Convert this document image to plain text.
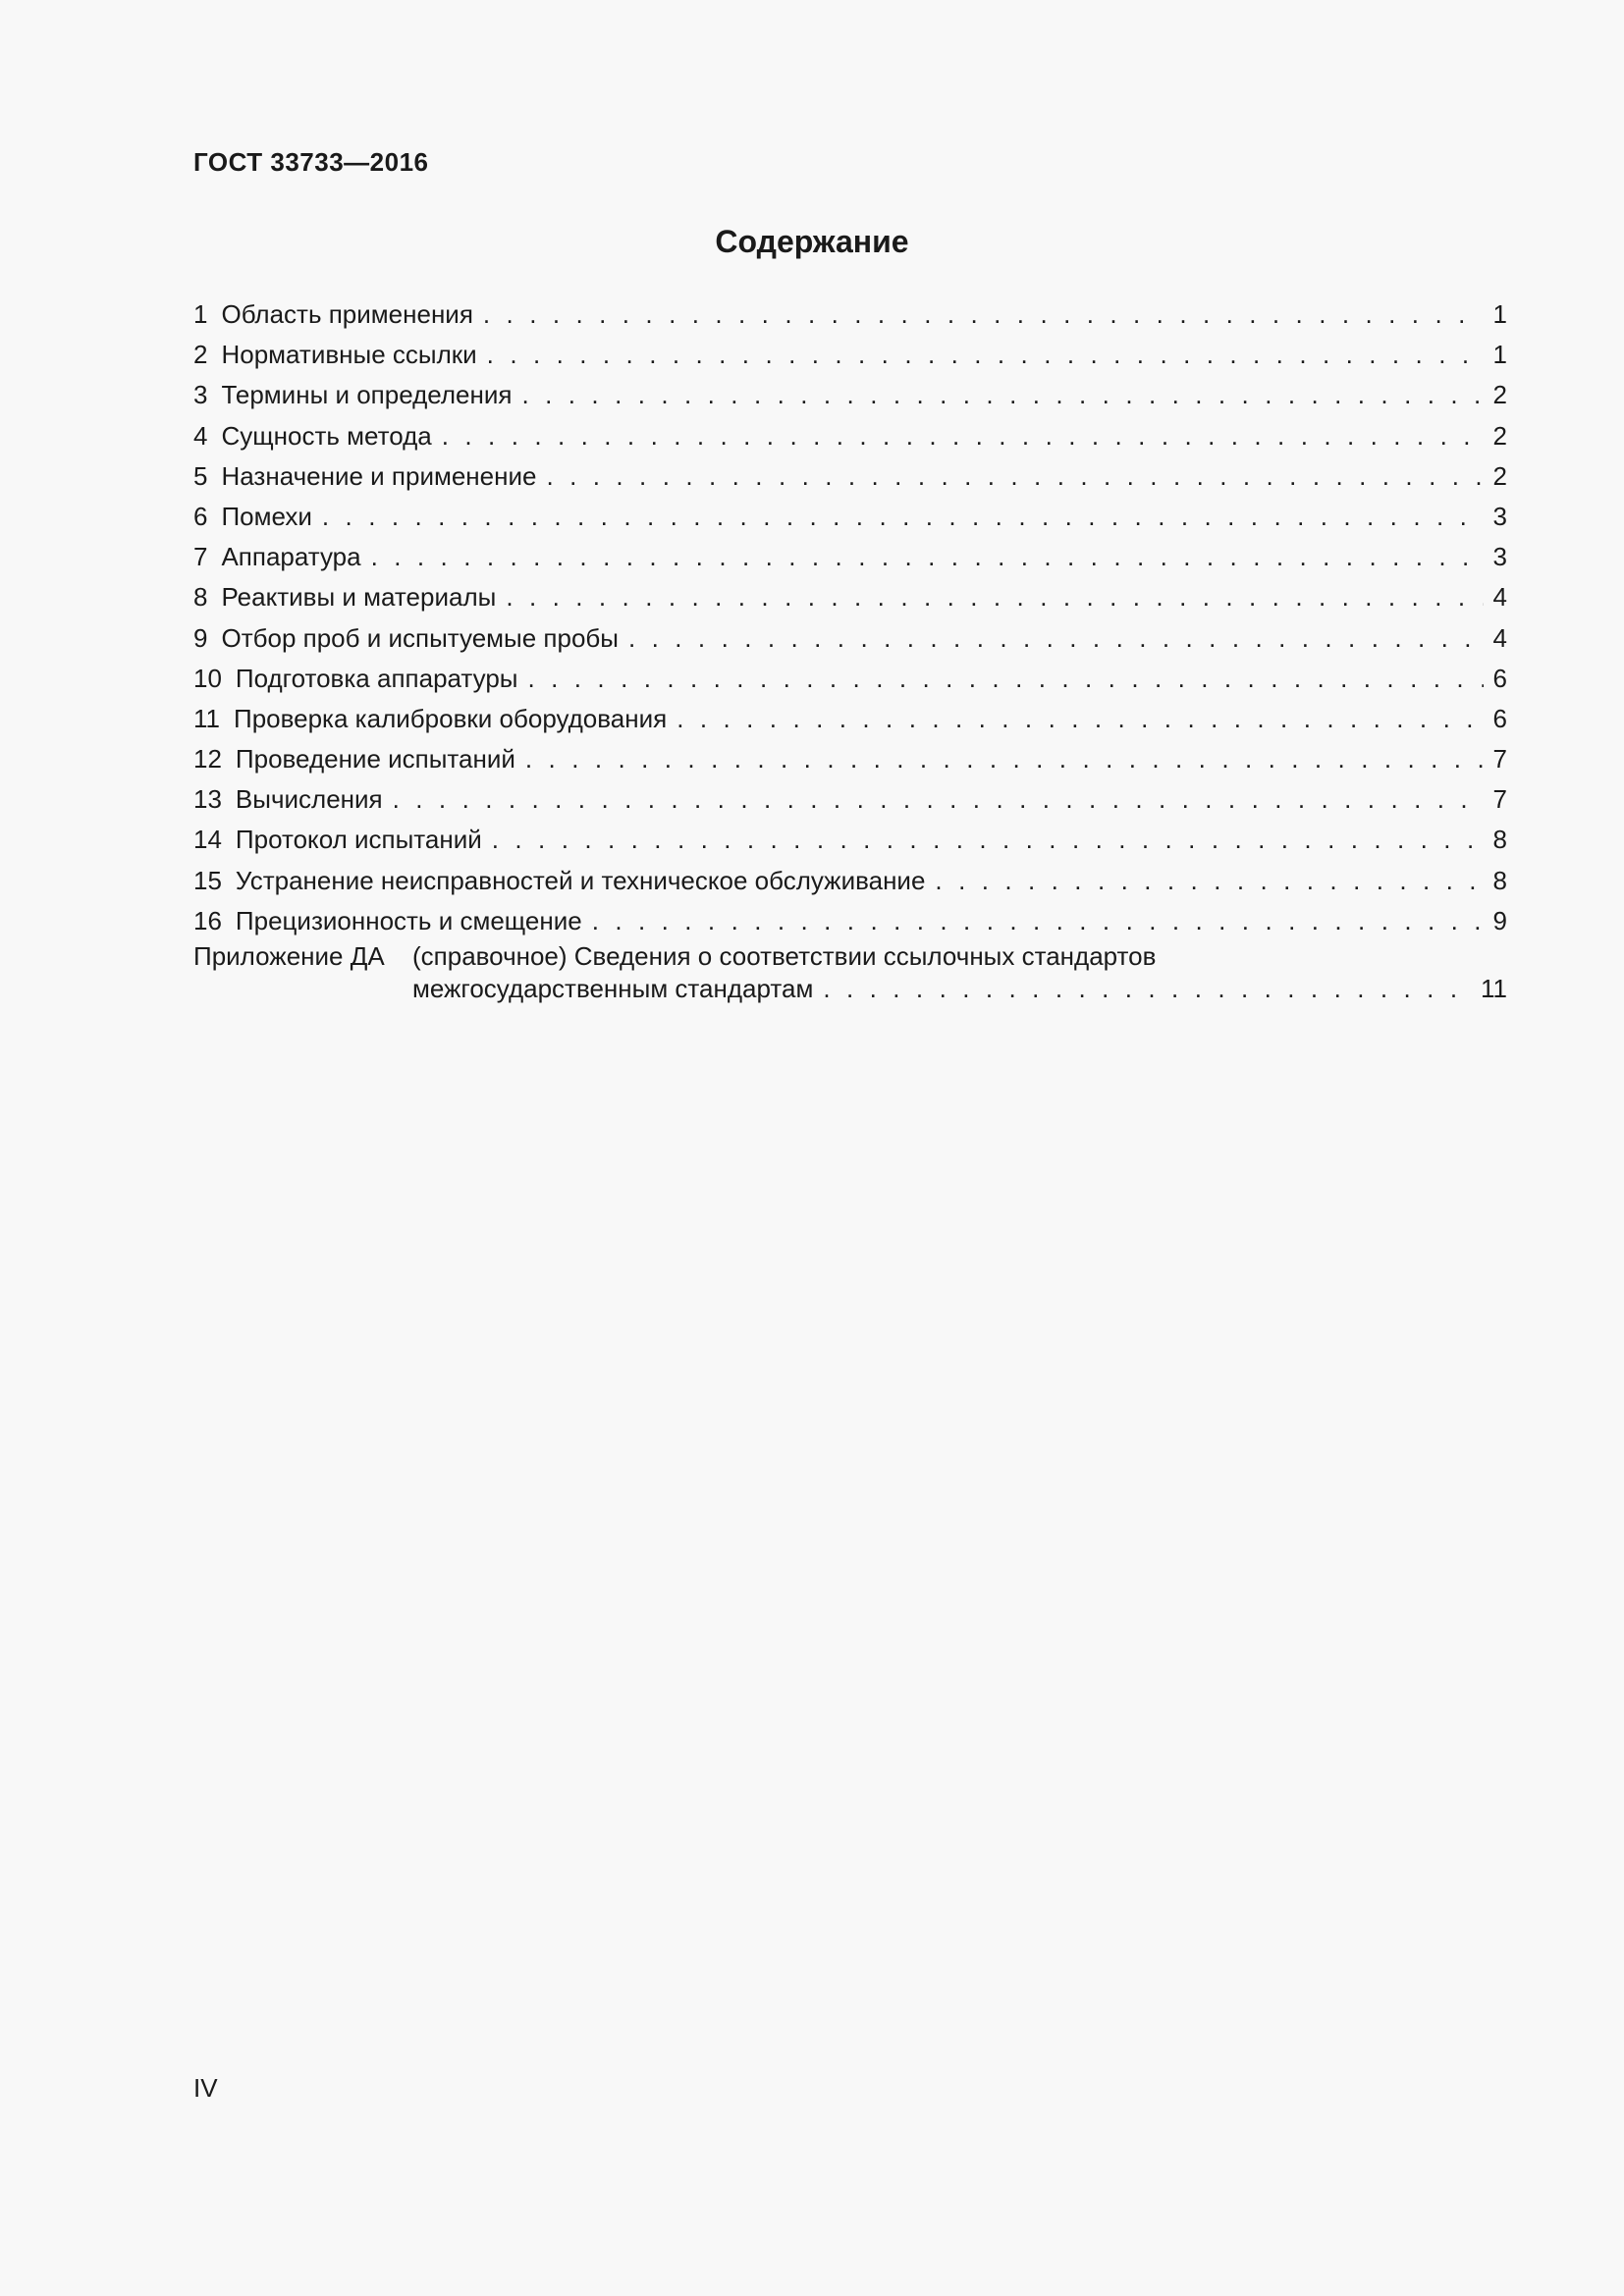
ГОСТ 33733—2016
Содержание
1 Область применения . . .	1
2 Нормативные ссылки . . .	1
3 Термины и определения . . .	2
4 Сущность метода . . .	2
5 Назначение и применение . . .	2
6 Помехи . . .	3
7 Аппаратура . . .	3
8 Реактивы и материалы . . .	4
9 Отбор проб и испытуемые пробы . . .	4
10 Подготовка аппаратуры . . .	6
11 Проверка калибровки оборудования . . .	6
12 Проведение испытаний . . .	7
13 Вычисления . . .	7
14 Протокол испытаний . . .	8
15 Устранение неисправностей и техническое обслуживание . . .	8
16 Прецизионность и смещение . . .	9
Приложение ДА (справочное) Сведения о соответствии ссылочных стандартов
межгосударственным стандартам . . .	11
IV
